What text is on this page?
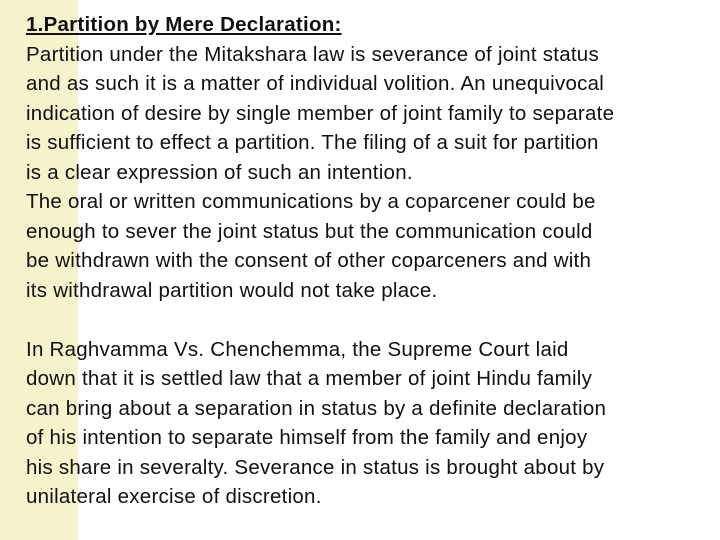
1.Partition by Mere Declaration:
Partition under the Mitakshara law is severance of joint status
and as such it is a matter of individual volition. An unequivocal
indication of desire by single member of joint family to separate
is sufficient to effect a partition. The filing of a suit for partition
is a clear expression of such an intention.
The oral or written communications by a coparcener could be
enough to sever the joint status but the communication could
be withdrawn with the consent of other coparceners and with
its withdrawal partition would not take place.
In Raghvamma Vs. Chenchemma, the Supreme Court laid
down that it is settled law that a member of joint Hindu family
can bring about a separation in status by a definite declaration
of his intention to separate himself from the family and enjoy
his share in severalty. Severance in status is brought about by
unilateral exercise of discretion.
